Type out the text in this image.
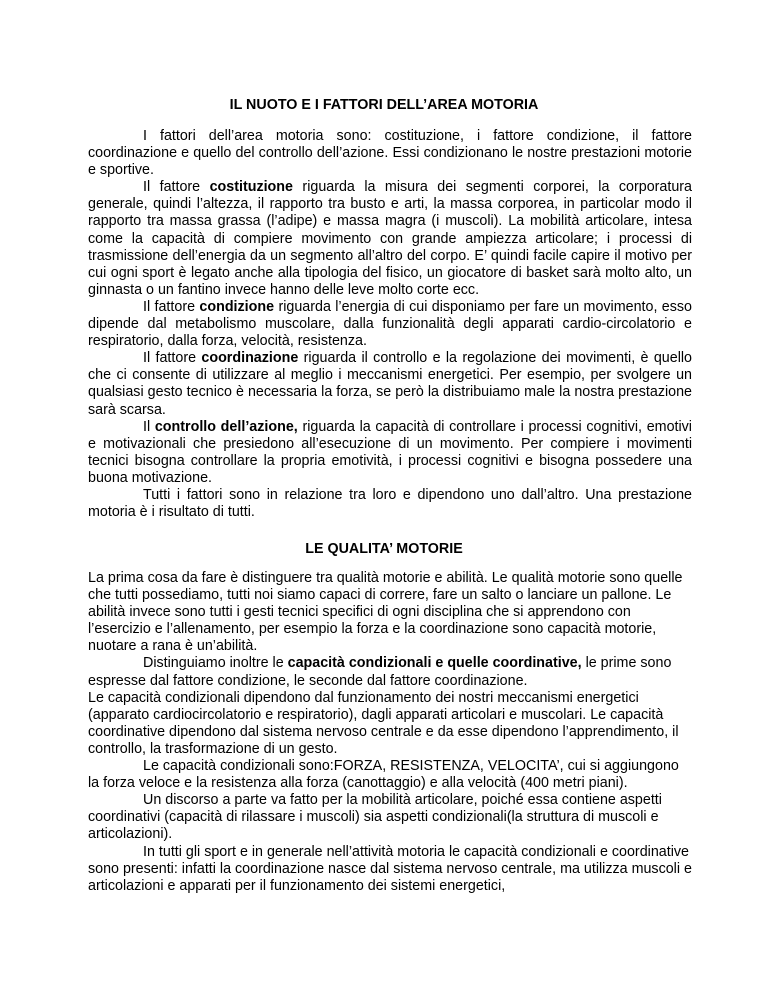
IL NUOTO E I FATTORI DELL’AREA MOTORIA

I fattori dell’area motoria sono: costituzione, i fattore condizione, il fattore coordinazione e quello del controllo dell’azione. Essi condizionano le nostre prestazioni motorie e sportive.

Il fattore costituzione riguarda la misura dei segmenti corporei, la corporatura generale, quindi l’altezza, il rapporto tra busto e arti, la massa corporea, in particolar modo il rapporto tra massa grassa (l’adipe) e massa magra (i muscoli). La mobilità articolare, intesa come la capacità di compiere movimento con grande ampiezza articolare; i processi di trasmissione dell’energia da un segmento all’altro del corpo. E’ quindi facile capire il motivo per cui ogni sport è legato anche alla tipologia del fisico, un giocatore di basket sarà molto alto, un ginnasta o un fantino invece hanno delle leve molto corte ecc.

Il fattore condizione riguarda l’energia di cui disponiamo per fare un movimento, esso dipende dal metabolismo muscolare, dalla funzionalità degli apparati cardio-circolatorio e respiratorio, dalla forza, velocità, resistenza.

Il fattore coordinazione riguarda il controllo e la regolazione dei movimenti, è quello che ci consente di utilizzare al meglio i meccanismi energetici. Per esempio, per svolgere un qualsiasi gesto tecnico è necessaria la forza, se però la distribuiamo male la nostra prestazione sarà scarsa.

Il controllo dell’azione, riguarda la capacità di controllare i processi cognitivi, emotivi e motivazionali che presiedono all’esecuzione di un movimento. Per compiere i movimenti tecnici bisogna controllare la propria emotività, i processi cognitivi e bisogna possedere una buona motivazione.

Tutti i fattori sono in relazione tra loro e dipendono uno dall’altro. Una prestazione motoria è i risultato di tutti.

LE QUALITA’ MOTORIE

La prima cosa da fare è distinguere tra qualità motorie e abilità. Le qualità motorie sono quelle che tutti possediamo, tutti noi siamo capaci di correre, fare un salto o lanciare un pallone. Le abilità invece sono tutti i gesti tecnici specifici di ogni disciplina che si apprendono con l’esercizio e l’allenamento, per esempio la forza e la coordinazione sono capacità motorie, nuotare a rana è un’abilità.

Distinguiamo inoltre le capacità condizionali e quelle coordinative, le prime sono espresse dal fattore condizione, le seconde dal fattore coordinazione.

Le capacità condizionali dipendono dal funzionamento dei nostri meccanismi energetici (apparato cardiocircolatorio e respiratorio), dagli apparati articolari e muscolari. Le capacità coordinative dipendono dal sistema nervoso centrale e da esse dipendono l’apprendimento, il controllo, la trasformazione di un gesto.

Le capacità condizionali sono:FORZA, RESISTENZA, VELOCITA’, cui si aggiungono la forza veloce e la resistenza alla forza (canottaggio) e alla velocità (400 metri piani).

Un discorso a parte va fatto per la mobilità articolare, poiché essa contiene aspetti coordinativi (capacità di rilassare i muscoli) sia aspetti condizionali(la struttura di muscoli e articolazioni).

In tutti gli sport e in generale nell’attività motoria le capacità condizionali e coordinative sono presenti: infatti la coordinazione nasce dal sistema nervoso centrale, ma utilizza muscoli e articolazioni e apparati per il funzionamento dei sistemi energetici,
